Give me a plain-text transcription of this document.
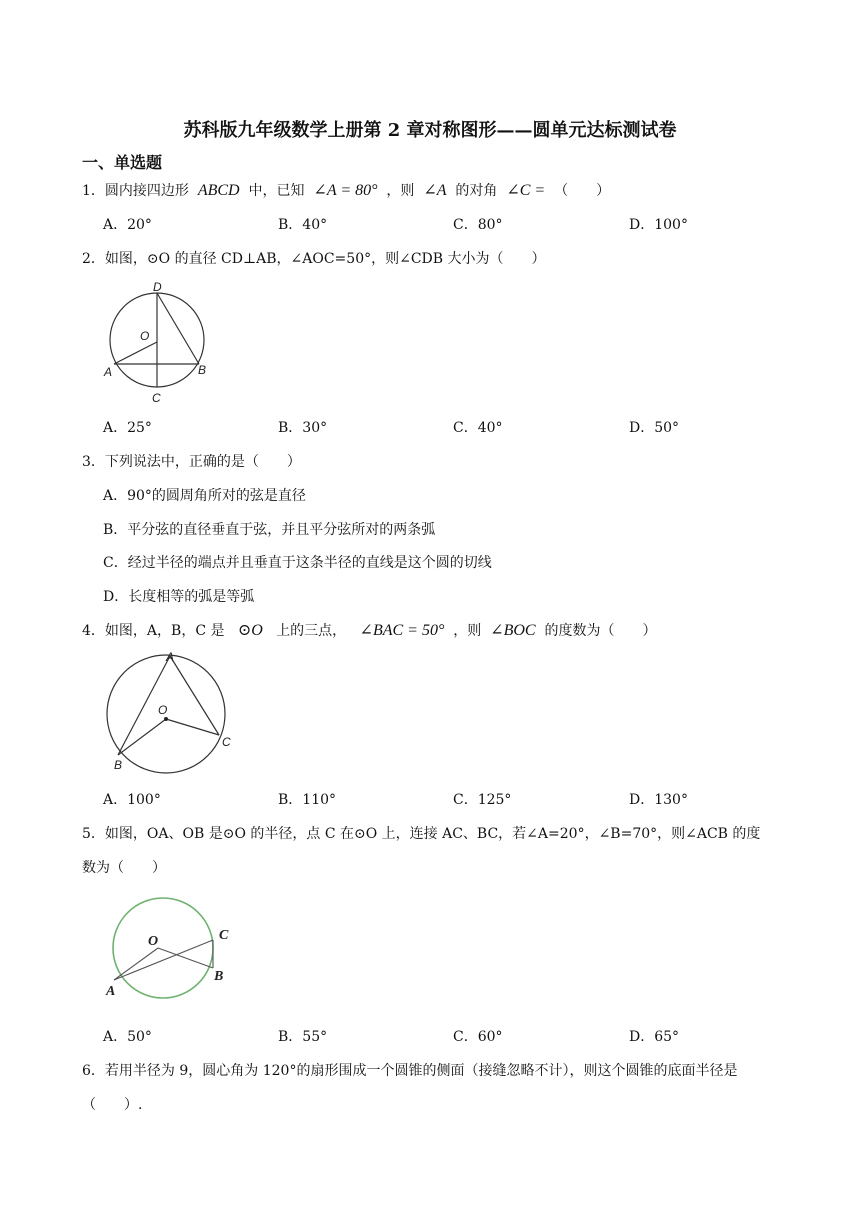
苏科版九年级数学上册第 2 章对称图形——圆单元达标测试卷
一、单选题
1．圆内接四边形 ABCD 中，已知 ∠A = 80° ，则 ∠A 的对角 ∠C = （　　）
A．20°	B．40°	C．80°	D．100°
2．如图，⊙O 的直径 CD⊥AB，∠AOC=50°，则∠CDB 大小为（　　）
D
O
A	B
C
A．25°	B．30°	C．40°	D．50°
3．下列说法中，正确的是（　　）
A．90°的圆周角所对的弦是直径
B．平分弦的直径垂直于弦，并且平分弦所对的两条弧
C．经过半径的端点并且垂直于这条半径的直线是这个圆的切线
D．长度相等的弧是等弧
4．如图，A，B，C 是 ⊙O 上的三点， ∠BAC = 50° ，则 ∠BOC 的度数为（　　）
A
O
C
B
A．100°	B．110°	C．125°	D．130°
5．如图，OA、OB 是⊙O 的半径，点 C 在⊙O 上，连接 AC、BC，若∠A=20°，∠B=70°，则∠ACB 的度
数为（　　）
O	C
B
A
A．50°	B．55°	C．60°	D．65°
6．若用半径为 9，圆心角为 120°的扇形围成一个圆锥的侧面（接缝忽略不计），则这个圆锥的底面半径是
（　　）.
